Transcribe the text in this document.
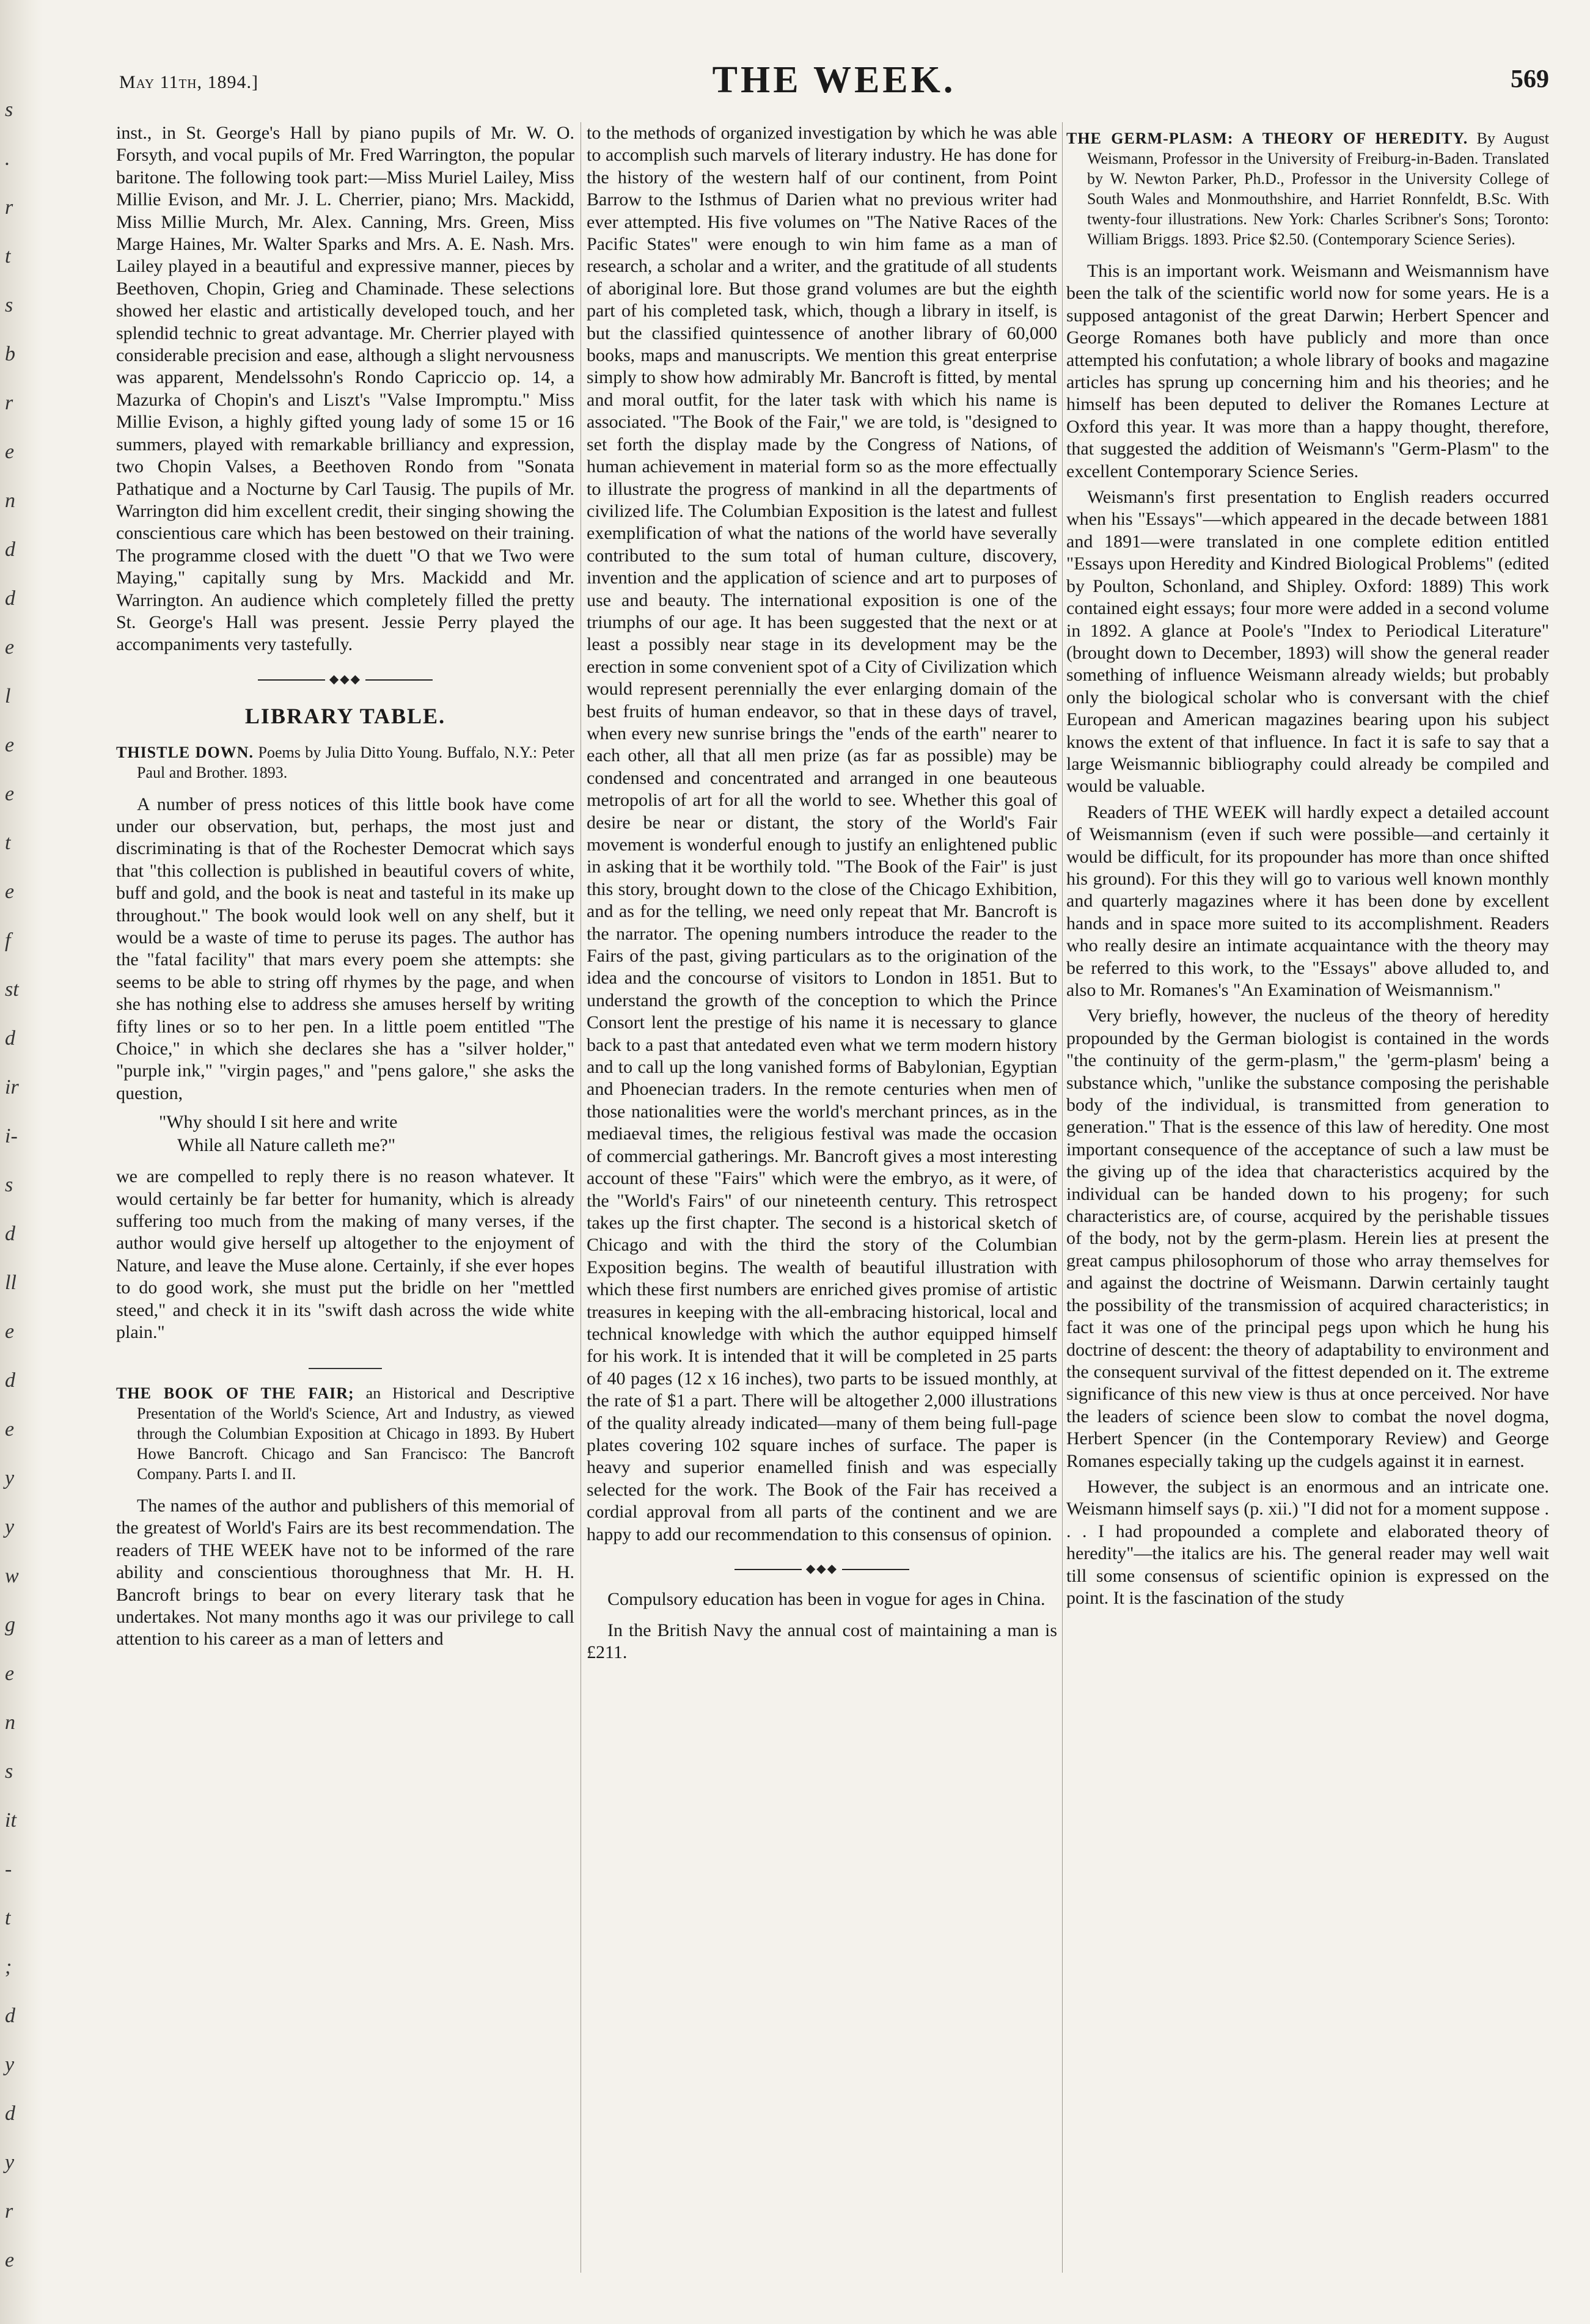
s
.
r
t
s
b
r
e
n
d
d
e
l
e
e
t
e
f
st
d
ir
i-
s
d
ll
e
d
e
y
y
w
g
e
n
s
it
-
t
;
d
y
d
y
r
e
May 11th, 1894.]	THE WEEK.	569

inst., in St. George's Hall by piano pupils of Mr. W. O. Forsyth, and vocal pupils of Mr. Fred Warrington, the popular baritone. The following took part:—Miss Muriel Lailey, Miss Millie Evison, and Mr. J. L. Cherrier, piano; Mrs. Mackidd, Miss Millie Murch, Mr. Alex. Canning, Mrs. Green, Miss Marge Haines, Mr. Walter Sparks and Mrs. A. E. Nash. Mrs. Lailey played in a beautiful and expressive manner, pieces by Beethoven, Chopin, Grieg and Chaminade. These selections showed her elastic and artistically developed touch, and her splendid technic to great advantage. Mr. Cherrier played with considerable precision and ease, although a slight nervousness was apparent, Mendelssohn's Rondo Capriccio op. 14, a Mazurka of Chopin's and Liszt's "Valse Impromptu." Miss Millie Evison, a highly gifted young lady of some 15 or 16 summers, played with remarkable brilliancy and expression, two Chopin Valses, a Beethoven Rondo from "Sonata Pathatique and a Nocturne by Carl Tausig. The pupils of Mr. Warrington did him excellent credit, their singing showing the conscientious care which has been bestowed on their training. The programme closed with the duett "O that we Two were Maying," capitally sung by Mrs. Mackidd and Mr. Warrington. An audience which completely filled the pretty St. George's Hall was present. Jessie Perry played the accompaniments very tastefully.

◆◆◆
LIBRARY TABLE.
THISTLE DOWN. Poems by Julia Ditto Young. Buffalo, N.Y.: Peter Paul and Brother. 1893.

A number of press notices of this little book have come under our observation, but, perhaps, the most just and discriminating is that of the Rochester Democrat which says that "this collection is published in beautiful covers of white, buff and gold, and the book is neat and tasteful in its make up throughout." The book would look well on any shelf, but it would be a waste of time to peruse its pages. The author has the "fatal facility" that mars every poem she attempts: she seems to be able to string off rhymes by the page, and when she has nothing else to address she amuses herself by writing fifty lines or so to her pen. In a little poem entitled "The Choice," in which she declares she has a "silver holder," "purple ink," "virgin pages," and "pens galore," she asks the question,

"Why should I sit here and write
While all Nature calleth me?"

we are compelled to reply there is no reason whatever. It would certainly be far better for humanity, which is already suffering too much from the making of many verses, if the author would give herself up altogether to the enjoyment of Nature, and leave the Muse alone. Certainly, if she ever hopes to do good work, she must put the bridle on her "mettled steed," and check it in its "swift dash across the wide white plain."

THE BOOK OF THE FAIR; an Historical and Descriptive Presentation of the World's Science, Art and Industry, as viewed through the Columbian Exposition at Chicago in 1893. By Hubert Howe Bancroft. Chicago and San Francisco: The Bancroft Company. Parts I. and II.

The names of the author and publishers of this memorial of the greatest of World's Fairs are its best recommendation. The readers of THE WEEK have not to be informed of the rare ability and conscientious thoroughness that Mr. H. H. Bancroft brings to bear on every literary task that he undertakes. Not many months ago it was our privilege to call attention to his career as a man of letters and

to the methods of organized investigation by which he was able to accomplish such marvels of literary industry. He has done for the history of the western half of our continent, from Point Barrow to the Isthmus of Darien what no previous writer had ever attempted. His five volumes on "The Native Races of the Pacific States" were enough to win him fame as a man of research, a scholar and a writer, and the gratitude of all students of aboriginal lore. But those grand volumes are but the eighth part of his completed task, which, though a library in itself, is but the classified quintessence of another library of 60,000 books, maps and manuscripts. We mention this great enterprise simply to show how admirably Mr. Bancroft is fitted, by mental and moral outfit, for the later task with which his name is associated. "The Book of the Fair," we are told, is "designed to set forth the display made by the Congress of Nations, of human achievement in material form so as the more effectually to illustrate the progress of mankind in all the departments of civilized life. The Columbian Exposition is the latest and fullest exemplification of what the nations of the world have severally contributed to the sum total of human culture, discovery, invention and the application of science and art to purposes of use and beauty. The international exposition is one of the triumphs of our age. It has been suggested that the next or at least a possibly near stage in its development may be the erection in some convenient spot of a City of Civilization which would represent perennially the ever enlarging domain of the best fruits of human endeavor, so that in these days of travel, when every new sunrise brings the "ends of the earth" nearer to each other, all that all men prize (as far as possible) may be condensed and concentrated and arranged in one beauteous metropolis of art for all the world to see. Whether this goal of desire be near or distant, the story of the World's Fair movement is wonderful enough to justify an enlightened public in asking that it be worthily told. "The Book of the Fair" is just this story, brought down to the close of the Chicago Exhibition, and as for the telling, we need only repeat that Mr. Bancroft is the narrator. The opening numbers introduce the reader to the Fairs of the past, giving particulars as to the origination of the idea and the concourse of visitors to London in 1851. But to understand the growth of the conception to which the Prince Consort lent the prestige of his name it is necessary to glance back to a past that antedated even what we term modern history and to call up the long vanished forms of Babylonian, Egyptian and Phoenecian traders. In the remote centuries when men of those nationalities were the world's merchant princes, as in the mediaeval times, the religious festival was made the occasion of commercial gatherings. Mr. Bancroft gives a most interesting account of these "Fairs" which were the embryo, as it were, of the "World's Fairs" of our nineteenth century. This retrospect takes up the first chapter. The second is a historical sketch of Chicago and with the third the story of the Columbian Exposition begins. The wealth of beautiful illustration with which these first numbers are enriched gives promise of artistic treasures in keeping with the all-embracing historical, local and technical knowledge with which the author equipped himself for his work. It is intended that it will be completed in 25 parts of 40 pages (12 x 16 inches), two parts to be issued monthly, at the rate of $1 a part. There will be altogether 2,000 illustrations of the quality already indicated—many of them being full-page plates covering 102 square inches of surface. The paper is heavy and superior enamelled finish and was especially selected for the work. The Book of the Fair has received a cordial approval from all parts of the continent and we are happy to add our recommendation to this consensus of opinion.

◆◆◆

Compulsory education has been in vogue for ages in China.

In the British Navy the annual cost of maintaining a man is £211.

THE GERM-PLASM: A THEORY OF HEREDITY. By August Weismann, Professor in the University of Freiburg-in-Baden. Translated by W. Newton Parker, Ph.D., Professor in the University College of South Wales and Monmouthshire, and Harriet Ronnfeldt, B.Sc. With twenty-four illustrations. New York: Charles Scribner's Sons; Toronto: William Briggs. 1893. Price $2.50. (Contemporary Science Series).

This is an important work. Weismann and Weismannism have been the talk of the scientific world now for some years. He is a supposed antagonist of the great Darwin; Herbert Spencer and George Romanes both have publicly and more than once attempted his confutation; a whole library of books and magazine articles has sprung up concerning him and his theories; and he himself has been deputed to deliver the Romanes Lecture at Oxford this year. It was more than a happy thought, therefore, that suggested the addition of Weismann's "Germ-Plasm" to the excellent Contemporary Science Series.

Weismann's first presentation to English readers occurred when his "Essays"—which appeared in the decade between 1881 and 1891—were translated in one complete edition entitled "Essays upon Heredity and Kindred Biological Problems" (edited by Poulton, Schonland, and Shipley. Oxford: 1889) This work contained eight essays; four more were added in a second volume in 1892. A glance at Poole's "Index to Periodical Literature" (brought down to December, 1893) will show the general reader something of influence Weismann already wields; but probably only the biological scholar who is conversant with the chief European and American magazines bearing upon his subject knows the extent of that influence. In fact it is safe to say that a large Weismannic bibliography could already be compiled and would be valuable.

Readers of THE WEEK will hardly expect a detailed account of Weismannism (even if such were possible—and certainly it would be difficult, for its propounder has more than once shifted his ground). For this they will go to various well known monthly and quarterly magazines where it has been done by excellent hands and in space more suited to its accomplishment. Readers who really desire an intimate acquaintance with the theory may be referred to this work, to the "Essays" above alluded to, and also to Mr. Romanes's "An Examination of Weismannism."

Very briefly, however, the nucleus of the theory of heredity propounded by the German biologist is contained in the words "the continuity of the germ-plasm," the 'germ-plasm' being a substance which, "unlike the substance composing the perishable body of the individual, is transmitted from generation to generation." That is the essence of this law of heredity. One most important consequence of the acceptance of such a law must be the giving up of the idea that characteristics acquired by the individual can be handed down to his progeny; for such characteristics are, of course, acquired by the perishable tissues of the body, not by the germ-plasm. Herein lies at present the great campus philosophorum of those who array themselves for and against the doctrine of Weismann. Darwin certainly taught the possibility of the transmission of acquired characteristics; in fact it was one of the principal pegs upon which he hung his doctrine of descent: the theory of adaptability to environment and the consequent survival of the fittest depended on it. The extreme significance of this new view is thus at once perceived. Nor have the leaders of science been slow to combat the novel dogma, Herbert Spencer (in the Contemporary Review) and George Romanes especially taking up the cudgels against it in earnest.

However, the subject is an enormous and an intricate one. Weismann himself says (p. xii.) "I did not for a moment suppose . . . I had propounded a complete and elaborated theory of heredity"—the italics are his. The general reader may well wait till some consensus of scientific opinion is expressed on the point. It is the fascination of the study
